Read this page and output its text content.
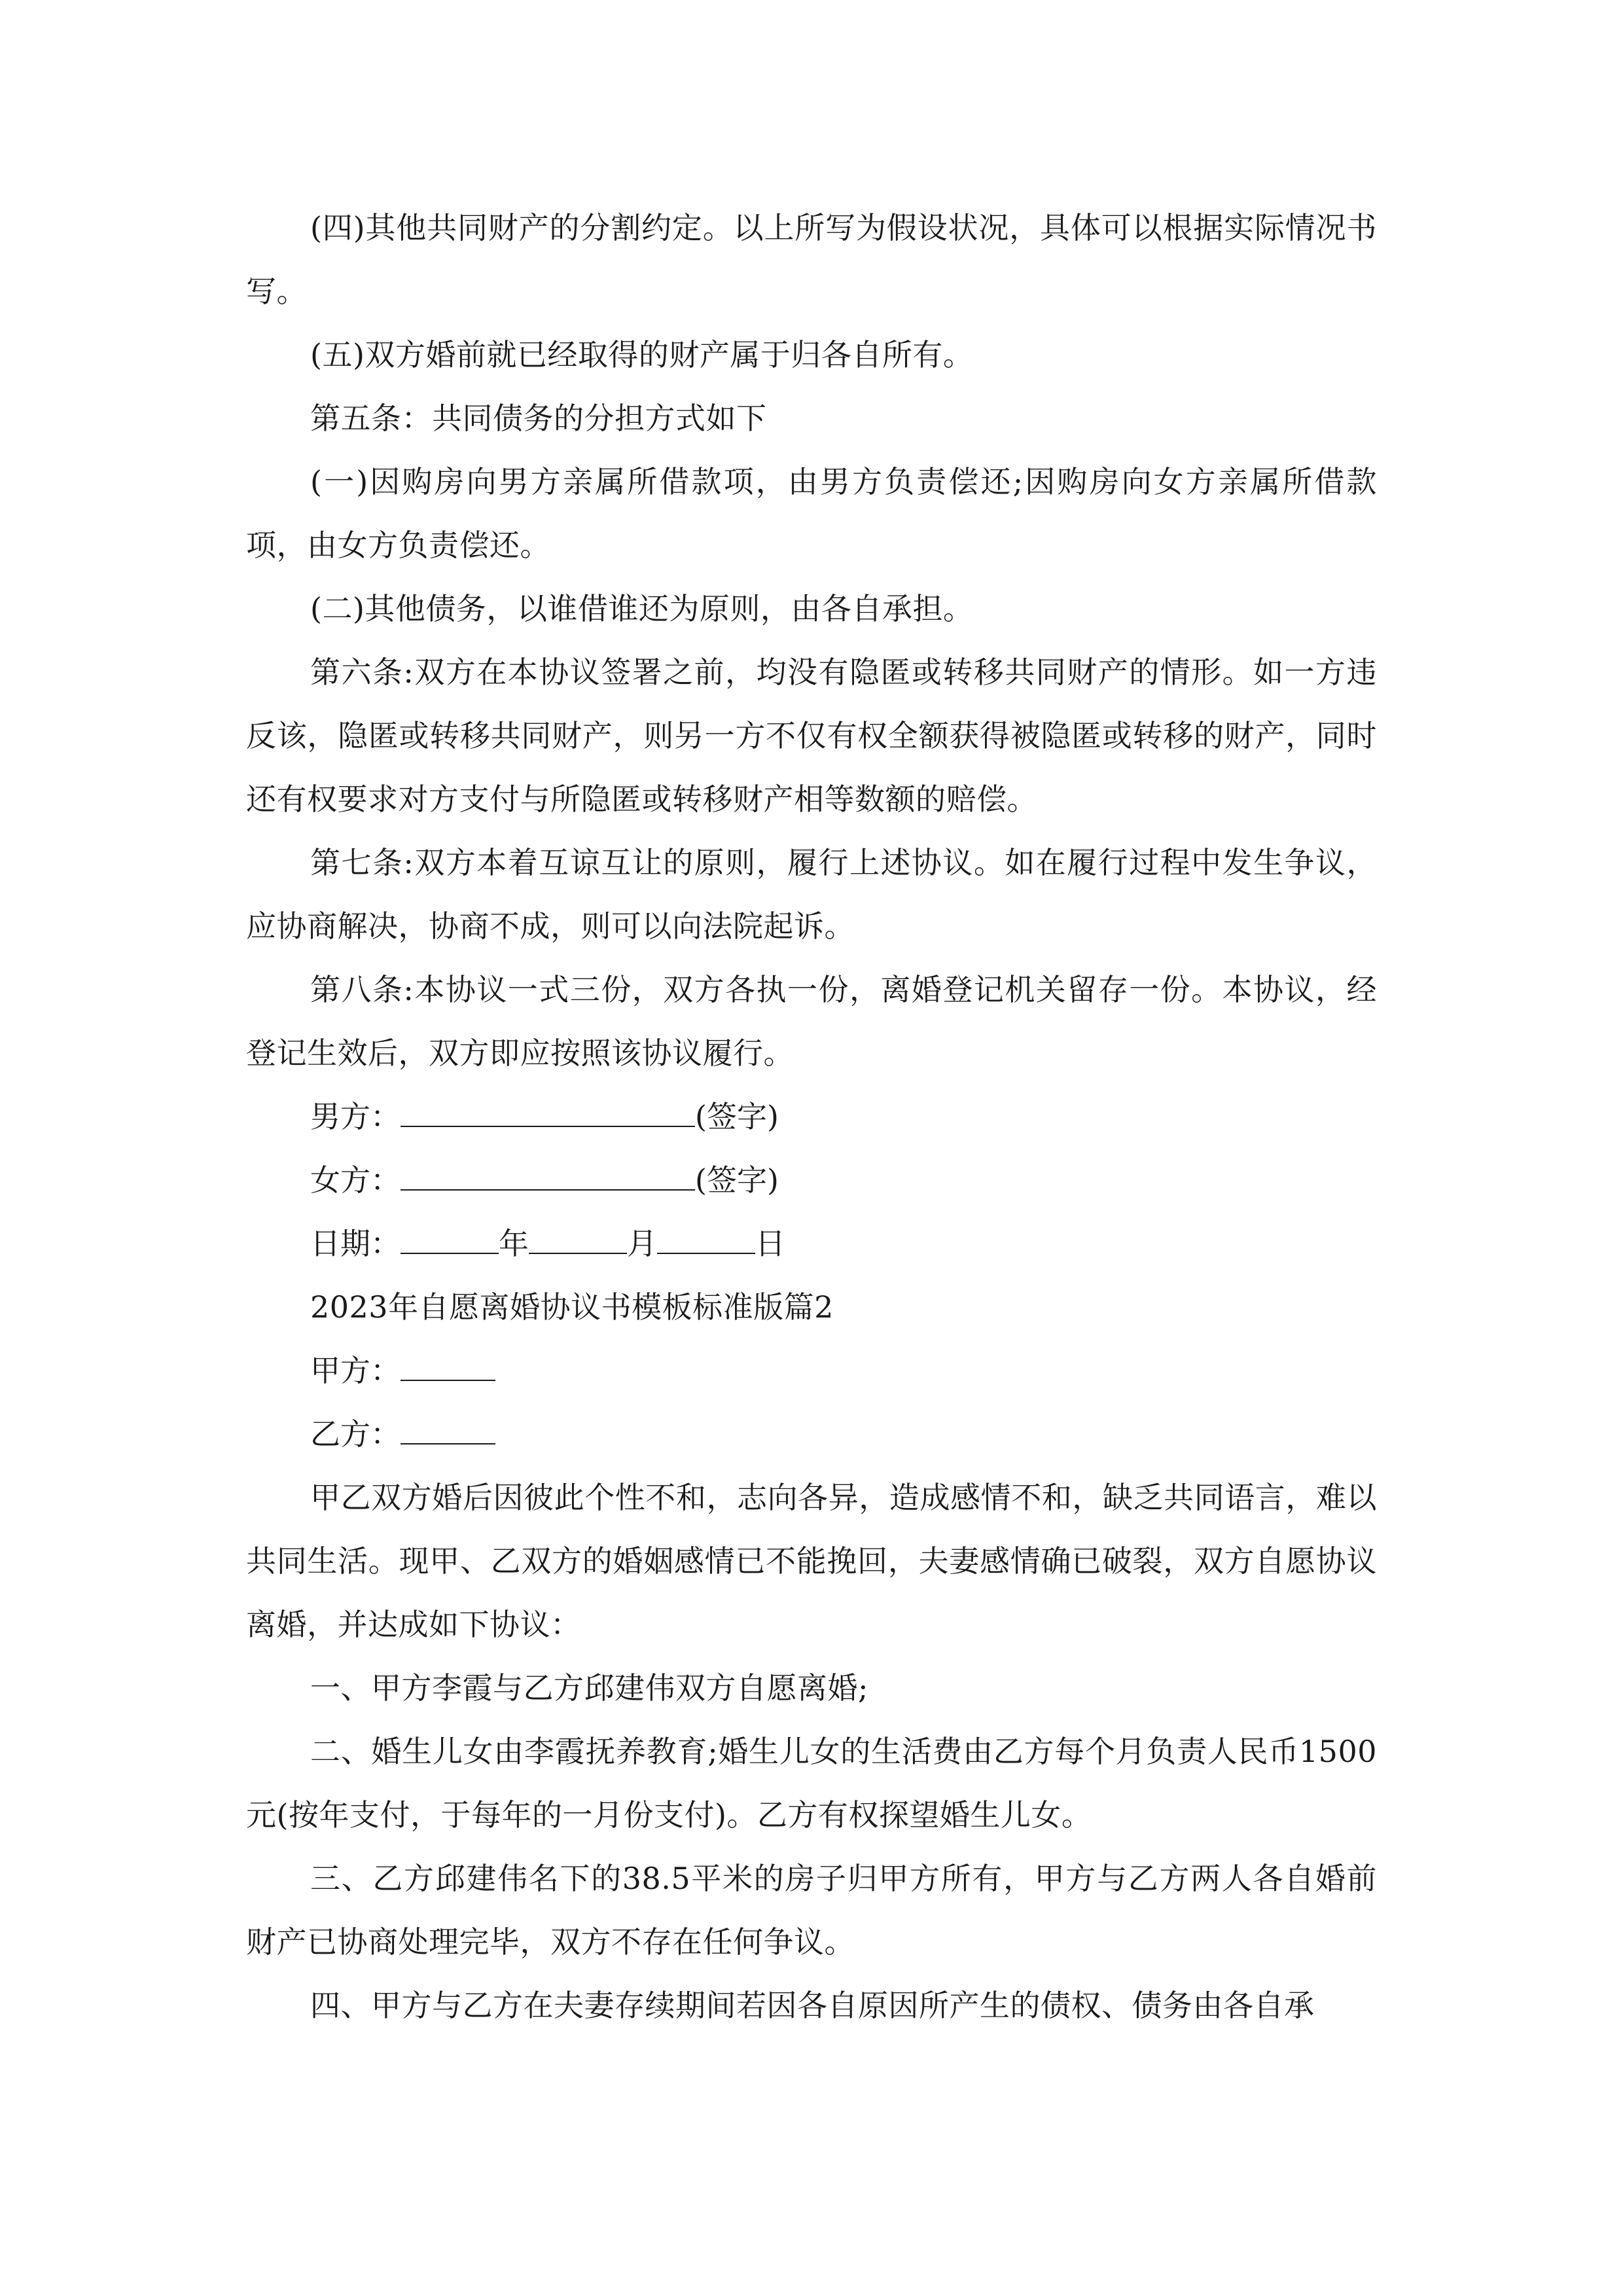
(四)其他共同财产的分割约定。以上所写为假设状况，具体可以根据实际情况书写。

(五)双方婚前就已经取得的财产属于归各自所有。

第五条：共同债务的分担方式如下

(一)因购房向男方亲属所借款项，由男方负责偿还;因购房向女方亲属所借款项，由女方负责偿还。

(二)其他债务，以谁借谁还为原则，由各自承担。

第六条:双方在本协议签署之前，均没有隐匿或转移共同财产的情形。如一方违反该，隐匿或转移共同财产，则另一方不仅有权全额获得被隐匿或转移的财产，同时还有权要求对方支付与所隐匿或转移财产相等数额的赔偿。

第七条:双方本着互谅互让的原则，履行上述协议。如在履行过程中发生争议，应协商解决，协商不成，则可以向法院起诉。

第八条:本协议一式三份，双方各执一份，离婚登记机关留存一份。本协议，经登记生效后，双方即应按照该协议履行。

男方：	(签字)
女方：	(签字)
日期：	年	月	日

2023年自愿离婚协议书模板标准版篇2

甲方：
乙方：

甲乙双方婚后因彼此个性不和，志向各异，造成感情不和，缺乏共同语言，难以共同生活。现甲、乙双方的婚姻感情已不能挽回，夫妻感情确已破裂，双方自愿协议离婚，并达成如下协议：

一、甲方李霞与乙方邱建伟双方自愿离婚;

二、婚生儿女由李霞抚养教育;婚生儿女的生活费由乙方每个月负责人民币1500元(按年支付，于每年的一月份支付)。乙方有权探望婚生儿女。

三、乙方邱建伟名下的38.5平米的房子归甲方所有，甲方与乙方两人各自婚前财产已协商处理完毕，双方不存在任何争议。

四、甲方与乙方在夫妻存续期间若因各自原因所产生的债权、债务由各自承
